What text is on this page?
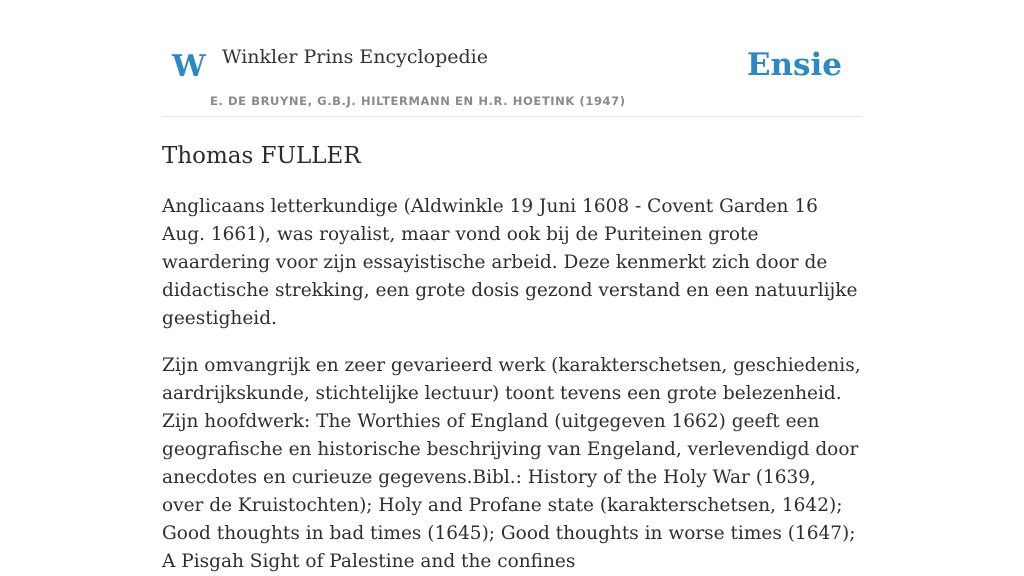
W Winkler Prins Encyclopedie
E. DE BRUYNE, G.B.J. HILTERMANN EN H.R. HOETINK (1947)
Ensie
Thomas FULLER

Anglicaans letterkundige (Aldwinkle 19 Juni 1608 - Covent Garden 16 Aug. 1661), was royalist, maar vond ook bij de Puriteinen grote waardering voor zijn essayistische arbeid. Deze kenmerkt zich door de didactische strekking, een grote dosis gezond verstand en een natuurlijke geestigheid.

Zijn omvangrijk en zeer gevarieerd werk (karakterschetsen, geschiedenis, aardrijkskunde, stichtelijke lectuur) toont tevens een grote belezenheid. Zijn hoofdwerk: The Worthies of England (uitgegeven 1662) geeft een geografische en historische beschrijving van Engeland, verlevendigd door anecdotes en curieuze gegevens.Bibl.: History of the Holy War (1639, over de Kruistochten); Holy and Profane state (karakterschetsen, 1642); Good thoughts in bad times (1645); Good thoughts in worse times (1647); A Pisgah Sight of Palestine and the confines
